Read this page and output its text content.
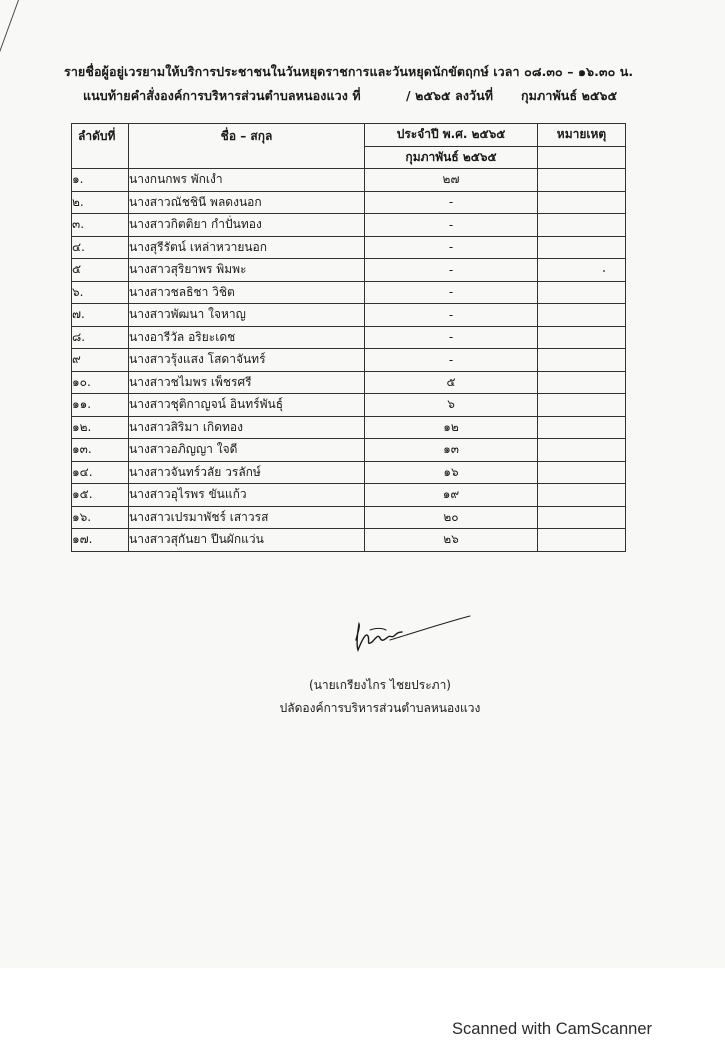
รายชื่อผู้อยู่เวรยามให้บริการประชาชนในวันหยุดราชการและวันหยุดนักขัตฤกษ์ เวลา ๐๘.๓๐ – ๑๖.๓๐ น.
แนบท้ายคำสั่งองค์การบริหารส่วนตำบลหนองแวง ที่	/ ๒๕๖๕ ลงวันที่ กุมภาพันธ์ ๒๕๖๕
ลำดับที่	ชื่อ – สกุล	ประจำปี พ.ศ. ๒๕๖๕	หมายเหตุ
		กุมภาพันธ์ ๒๕๖๕	
๑.	นางกนกพร พักเงำ	๒๗	
๒.	นางสาวณัชชินี พลดงนอก	-	
๓.	นางสาวกิตติยา กำปั่นทอง	-	
๔.	นางสุรีรัตน์ เหล่าหวายนอก	-	
๕	นางสาวสุริยาพร พิมพะ	-	
๖.	นางสาวชลธิชา วิชิต	-	
๗.	นางสาวพัฒนา ใจหาญ	-	
๘.	นางอารีวัล อริยะเดช	-	
๙	นางสาวรุ้งแสง โสดาจันทร์	-	
๑๐.	นางสาวชไมพร เพ็ชรศรี	๕	
๑๑.	นางสาวชุติกาญจน์ อินทร์พันธุ์	๖	
๑๒.	นางสาวสิริมา เกิดทอง	๑๒	
๑๓.	นางสาวอภิญญา ใจดี	๑๓	
๑๔.	นางสาวจันทร์วลัย วรลักษ์	๑๖	
๑๕.	นางสาวอุไรพร ขันแก้ว	๑๙	
๑๖.	นางสาวเปรมาพัชร์ เสาวรส	๒๐	
๑๗.	นางสาวสุกันยา ปีนผักแว่น	๒๖	
(นายเกรียงไกร ไชยประภา)
ปลัดองค์การบริหารส่วนตำบลหนองแวง
Scanned with CamScanner
